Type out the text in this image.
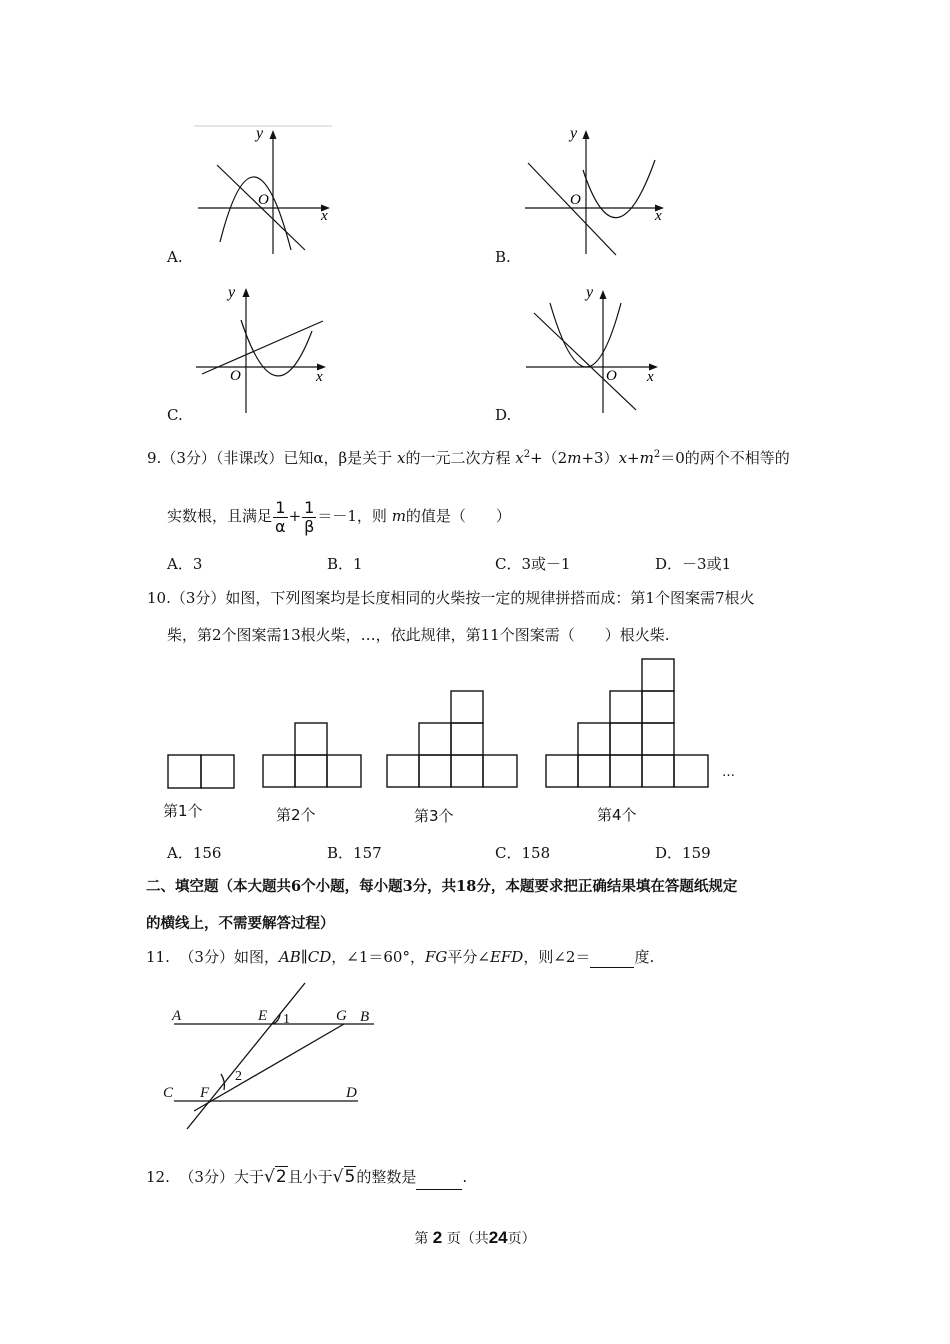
y
O
x
A.
y
O
x
B.
y
O	x
C.
y
O x
D.
9.（3分）（非课改）已知α，β是关于 x的一元二次方程 $x^2+(2m+3)x+m^2=0$的两个不相等的
实数根，且满足 $\frac{1}{\alpha} + \frac{1}{\beta} =-1$，则 m的值是（　　）
A．3	B．1	C．3或－1	D．－3或1
10.（3分）如图，下列图案均是长度相同的火柴按一定的规律拼搭而成：第1个图案需7根火
柴，第2个图案需13根火柴，…，依此规律，第11个图案需（　　）根火柴.
…
第1个	第2个	第3个	第4个
A．156	B．157	C．158	D．159
二、填空题（本大题共6个小题，每小题3分，共18分，本题要求把正确结果填在答题纸规定
的横线上，不需要解答过程）
11. （3分）如图，AB∥CD，∠1＝60°，FG平分∠EFD，则∠2＝	度.
A	E	G B
C F	D
1
2
12. （3分）大于√2且小于√5的整数是	.
第 2 页（共24页）
